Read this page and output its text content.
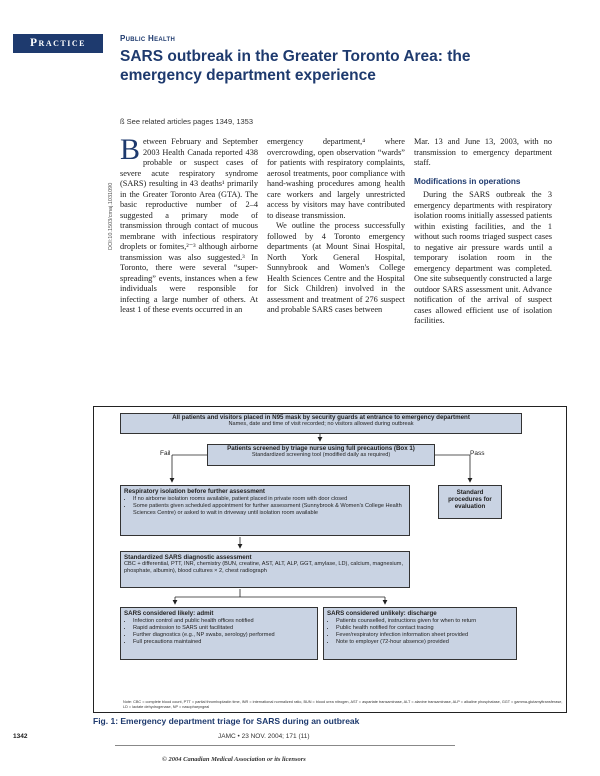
Practice	Public Health
SARS outbreak in the Greater Toronto Area: the emergency department experience
ß See related articles pages 1349, 1353
DOI:10.1503/cmaj.1031090

Between February and September 2003 Health Canada reported 438 probable or suspect cases of severe acute respiratory syndrome (SARS) resulting in 43 deaths¹ primarily in the Greater Toronto Area (GTA). The basic reproductive number of 2–4 suggested a primary mode of transmission through contact of mucous membrane with infectious respiratory droplets or fomites,²⁻³ although airborne transmission was also suggested.³ In Toronto, there were several “super-spreading” events, instances when a few individuals were responsible for infecting a large number of others. At least 1 of these events occurred in an

emergency department,⁴ where overcrowding, open observation “wards” for patients with respiratory complaints, aerosol treatments, poor compliance with hand-washing procedures among health care workers and largely unrestricted access by visitors may have contributed to disease transmission.

We outline the process successfully followed by 4 Toronto emergency departments (at Mount Sinai Hospital, North York General Hospital, Sunnybrook and Women's College Health Sciences Centre and the Hospital for Sick Children) involved in the assessment and treatment of 276 suspect and probable SARS cases between

Mar. 13 and June 13, 2003, with no transmission to emergency department staff.

Modifications in operations

During the SARS outbreak the 3 emergency departments with respiratory isolation rooms initially assessed patients within existing facilities, and the 1 without such rooms triaged suspect cases to negative air pressure wards until a temporary isolation room in the emergency department was completed. One site subsequently constructed a large outdoor SARS assessment unit. Advance notification of the arrival of suspect cases allowed efficient use of isolation facilities.

All patients and visitors placed in N95 mask by security guards at entrance to emergency department
Names, date and time of visit recorded; no visitors allowed during outbreak
Patients screened by triage nurse using full precautions (Box 1)
Standardized screening tool (modified daily as required)
Fail	Pass
Respiratory isolation before further assessment
• If no airborne isolation rooms available, patient placed in private room with door closed
• Some patients given scheduled appointment for further assessment (Sunnybrook & Women's College Health Sciences Centre) or asked to wait in driveway until isolation room available
Standard procedures for evaluation
Standardized SARS diagnostic assessment
CBC + differential, PTT, INR, chemistry (BUN, creatine, AST, ALT, ALP, GGT, amylase, LD), calcium, magnesium, phosphate, albumin), blood cultures × 2, chest radiograph
SARS considered likely: admit
• Infection control and public health offices notified
• Rapid admission to SARS unit facilitated
• Further diagnostics (e.g., NP swabs, serology) performed
• Full precautions maintained
SARS considered unlikely: discharge
• Patients counselled, instructions given for when to return
• Public health notified for contact tracing
• Fever/respiratory infection information sheet provided
• Note to employer (72-hour absence) provided
Note: CBC = complete blood count, PTT = partial thromboplastin time, INR = international normalized ratio, BUN = blood urea nitrogen, AST = aspartate transaminase, ALT = alanine transaminase, ALP = alkaline phosphatase, GGT = gamma-glutamyltransferase, LD = lactate dehydrogenase, NP = nasopharyngeal
Fig. 1: Emergency department triage for SARS during an outbreak
1342	JAMC • 23 NOV. 2004; 171 (11)
© 2004 Canadian Medical Association or its licensors
